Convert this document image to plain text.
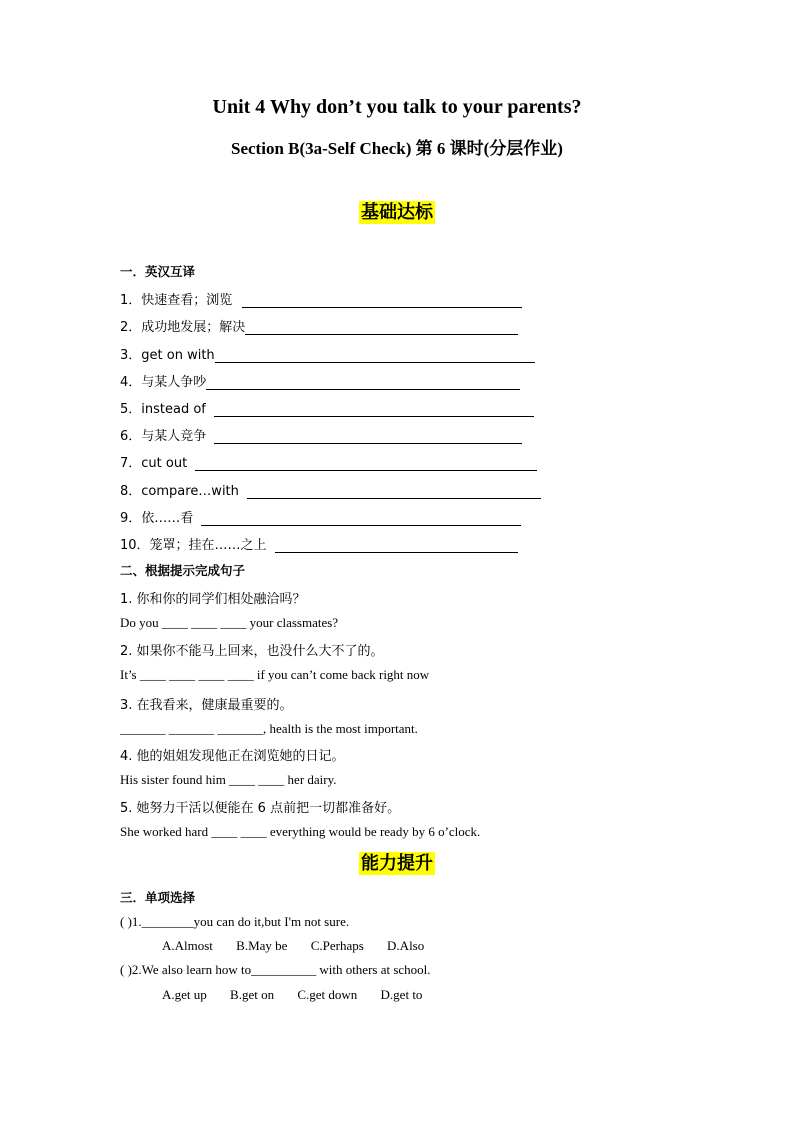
Unit 4 Why don’t you talk to your parents?
Section B(3a-Self Check) 第 6 课时(分层作业)
基础达标
一．英汉互译
1．快速查看；浏览
2．成功地发展；解决
3．get on with
4．与某人争吵
5．instead of
6．与某人竞争
7．cut out
8．compare…with
9．依……看
10．笼罩；挂在……之上
二、根据提示完成句子
1. 你和你的同学们相处融洽吗？
Do you ____ ____ ____ your classmates?
2. 如果你不能马上回来，也没什么大不了的。
It’s ____ ____ ____ ____ if you can’t come back right now
3. 在我看来，健康最重要的。
_______ _______ _______, health is the most important.
4. 他的姐姐发现他正在浏览她的日记。
His sister found him ____ ____ her dairy.
5. 她努力干活以便能在 6 点前把一切都准备好。
She worked hard ____ ____ everything would be ready by 6 o’clock.
能力提升
三．单项选择
( )1.________you can do it,but I'm not sure.
A.Almost B.May be C.Perhaps D.Also
( )2.We also learn how to__________ with others at school.
A.get up B.get on C.get down D.get to
